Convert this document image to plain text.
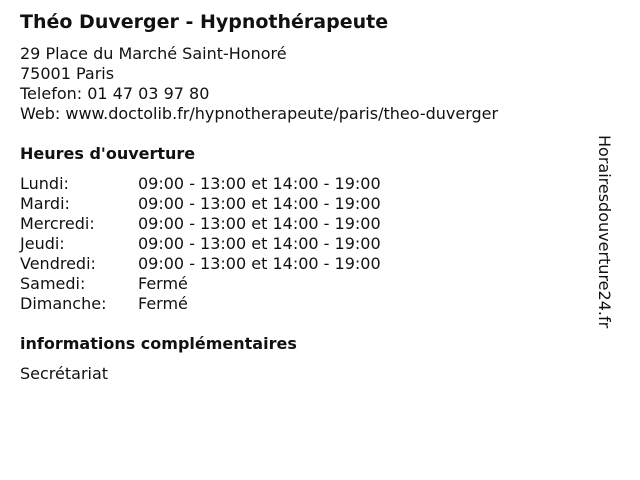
Théo Duverger - Hypnothérapeute
29 Place du Marché Saint-Honoré
75001 Paris
Telefon: 01 47 03 97 80
Web: www.doctolib.fr/hypnotherapeute/paris/theo-duverger
Heures d'ouverture
Lundi:	09:00 - 13:00 et 14:00 - 19:00
Mardi:	09:00 - 13:00 et 14:00 - 19:00
Mercredi:	09:00 - 13:00 et 14:00 - 19:00
Jeudi:	09:00 - 13:00 et 14:00 - 19:00
Vendredi:	09:00 - 13:00 et 14:00 - 19:00
Samedi:	Fermé
Dimanche: Fermé
informations complémentaires
Secrétariat
Horairesdouverture24.fr
